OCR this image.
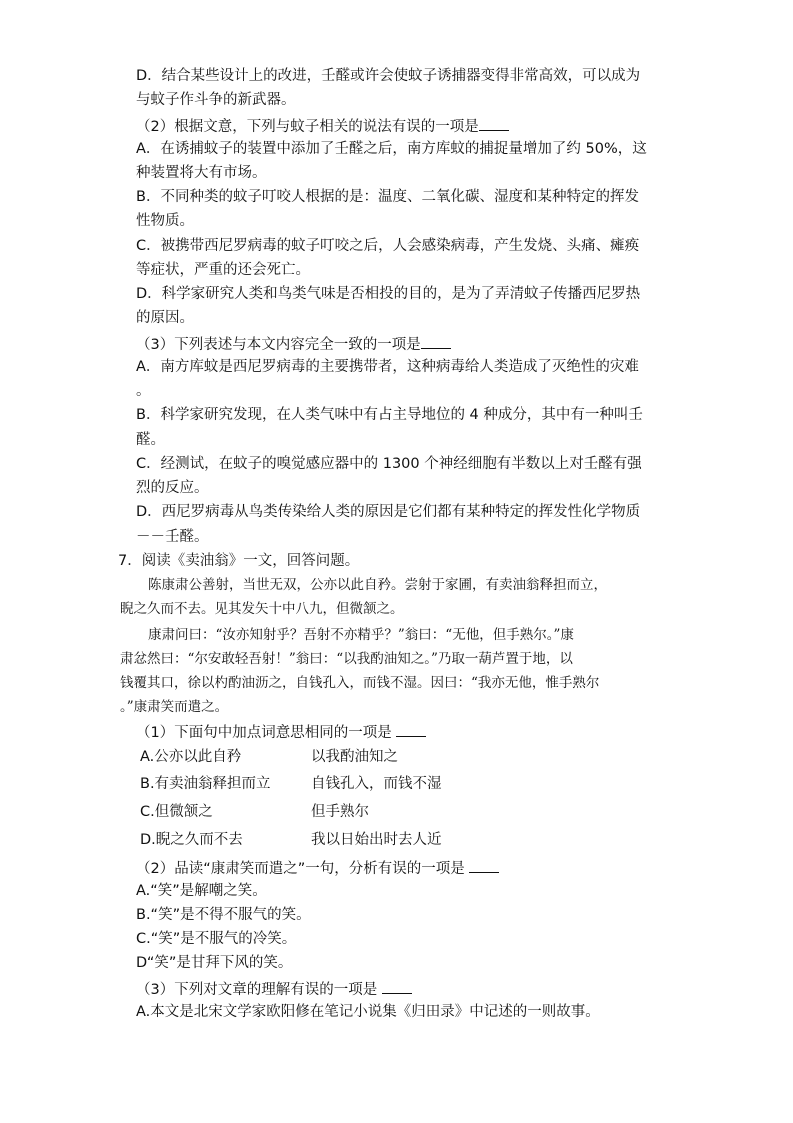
D．结合某些设计上的改进，壬醛或许会使蚊子诱捕器变得非常高效，可以成为
与蚊子作斗争的新武器。
（2）根据文意，下列与蚊子相关的说法有误的一项是
A．在诱捕蚊子的装置中添加了壬醛之后，南方库蚊的捕捉量增加了约 50%，这
种装置将大有市场。
B．不同种类的蚊子叮咬人根据的是：温度、二氧化碳、湿度和某种特定的挥发
性物质。
C．被携带西尼罗病毒的蚊子叮咬之后，人会感染病毒，产生发烧、头痛、瘫痪
等症状，严重的还会死亡。
D．科学家研究人类和鸟类气味是否相投的目的，是为了弄清蚊子传播西尼罗热
的原因。
（3）下列表述与本文内容完全一致的一项是
A．南方库蚊是西尼罗病毒的主要携带者，这种病毒给人类造成了灭绝性的灾难
。
B．科学家研究发现，在人类气味中有占主导地位的 4 种成分，其中有一种叫壬
醛。
C．经测试，在蚊子的嗅觉感应器中的 1300 个神经细胞有半数以上对壬醛有强
烈的反应。
D．西尼罗病毒从鸟类传染给人类的原因是它们都有某种特定的挥发性化学物质
－－壬醛。
7．阅读《卖油翁》一文，回答问题。
陈康肃公善射，当世无双，公亦以此自矜。尝射于家圃，有卖油翁释担而立，
睨之久而不去。见其发矢十中八九，但微颔之。
康肃问曰：“汝亦知射乎？吾射不亦精乎？”翁曰：“无他，但手熟尔。”康
肃忿然曰：“尔安敢轻吾射！”翁曰：“以我酌油知之。”乃取一葫芦置于地，以
钱覆其口，徐以杓酌油沥之，自钱孔入，而钱不湿。因曰：“我亦无他，惟手熟尔
。”康肃笑而遣之。
（1）下面句中加点词意思相同的一项是
A.公亦以此自矜	以我酌油知之
B.有卖油翁释担而立	自钱孔入，而钱不湿
C.但微颔之	但手熟尔
D.睨之久而不去	我以日始出时去人近
（2）品读“康肃笑而遣之”一句，分析有误的一项是
A.“笑”是解嘲之笑。
B.“笑”是不得不服气的笑。
C.“笑”是不服气的冷笑。
D“笑”是甘拜下风的笑。
（3）下列对文章的理解有误的一项是
A.本文是北宋文学家欧阳修在笔记小说集《归田录》中记述的一则故事。
